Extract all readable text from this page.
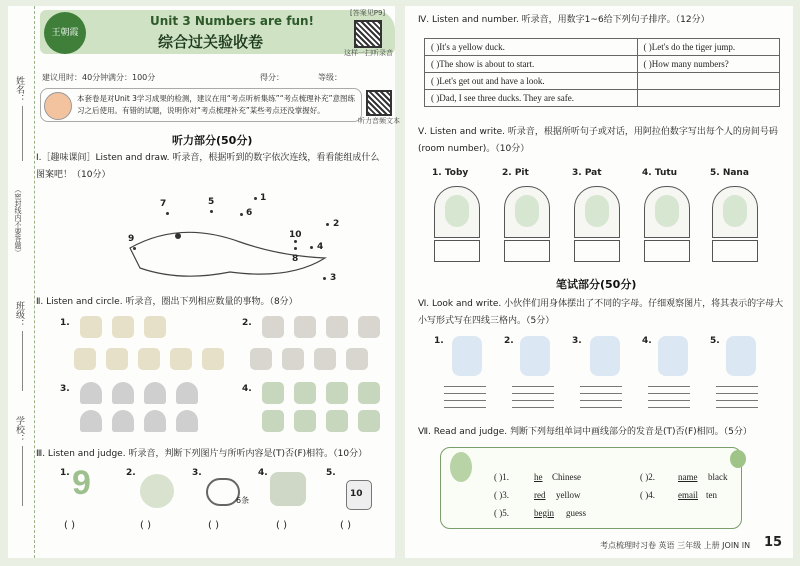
姓名：
（密封线内不要答题）
班级：
学校：
王朝霞
Unit 3 Numbers are fun!
综合过关验收卷
[答案见P9]
这样一扫听录音
建议用时：40分钟 满分：100分	得分：	等级：
本套卷是对Unit 3学习成果的检测，建议在用“考点听析集练”“考点梳理补充”意图练习之后使用。有错的试题，说明你对“考点梳理补充”某些考点还没掌握好。
听力音频文本
听力部分(50分)
Ⅰ.［趣味课间］Listen and draw. 听录音，根据听到的数字依次连线，看看能组成什么图案吧！（10分）
1
2
3
4
5
6
7
8
9	10
Ⅱ. Listen and circle. 听录音，圈出下列相应数量的事物。（8分）
1.	2.
3.	4.
Ⅲ. Listen and judge. 听录音，判断下列图片与所听内容是(T)否(F)相符。（10分）
1.	2.	3.	4.	5.
9	6条
10
( )	( )	( )	( )	( )
Ⅳ. Listen and number. 听录音，用数字1~6给下列句子排序。（12分）
( )It's a yellow duck.	( )Let's do the tiger jump.
( )The show is about to start.	( )How many numbers?
( )Let's get out and have a look.	
( )Dad, I see three ducks. They are safe.	
Ⅴ. Listen and write. 听录音，根据所听句子或对话，用阿拉伯数字写出每个人的房间号码(room number)。（10分）
1. Toby	2. Pit	3. Pat	4. Tutu	5. Nana
笔试部分(50分)
Ⅵ. Look and write. 小伙伴们用身体摆出了不同的字母。仔细观察图片，将其表示的字母大小写形式写在四线三格内。（5分）
1.	2.	3.	4.	5.
Ⅶ. Read and judge. 判断下列每组单词中画线部分的发音是(T)否(F)相同。（5分）
( )1.	he Chinese	( )2.	name black
( )3.	red yellow	( )4.	email ten
( )5.	begin guess
考点梳理时习卷 英语 三年级 上册 JOIN IN 15
